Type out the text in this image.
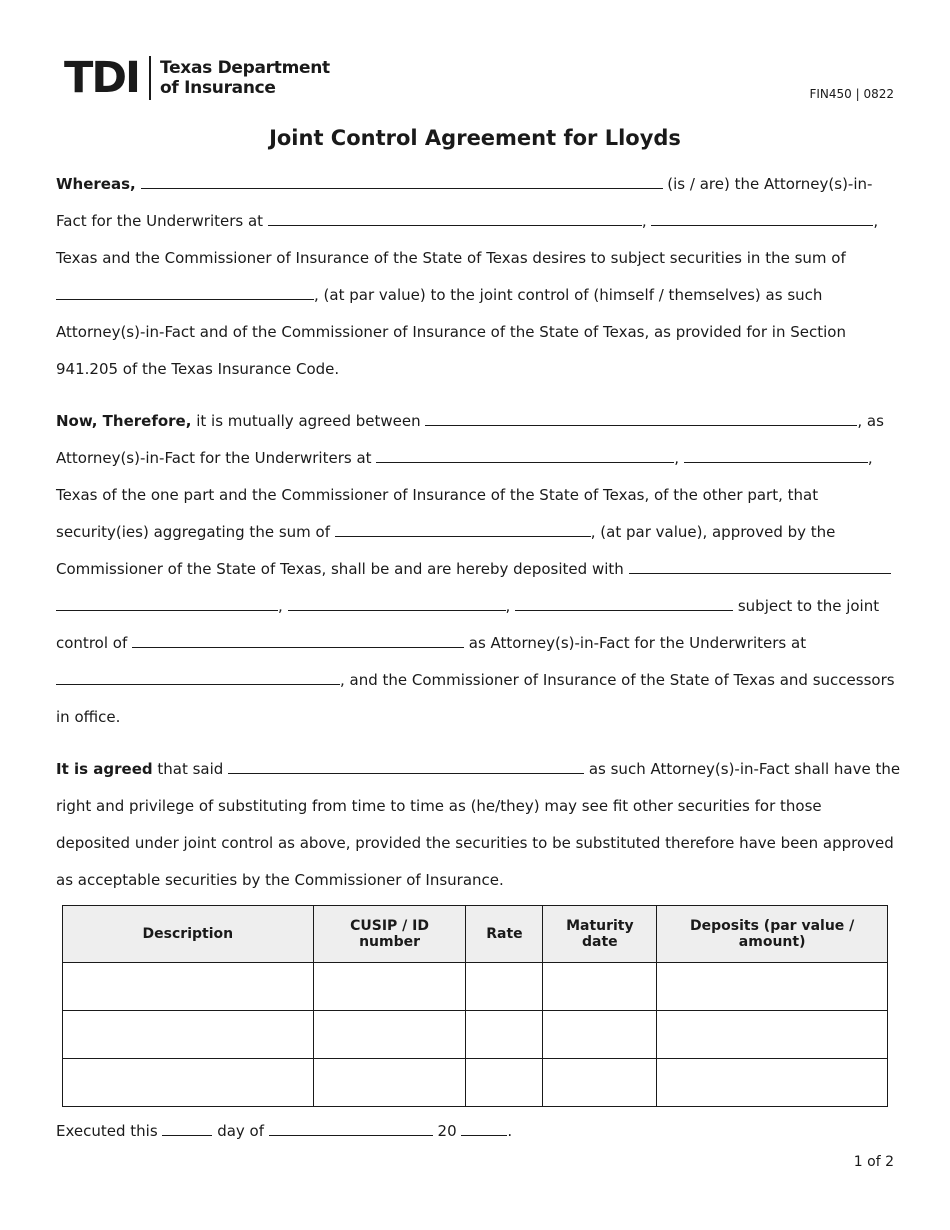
TDI Texas Department
of Insurance	FIN450 | 0822
Joint Control Agreement for Lloyds
Whereas,	(is / are) the Attorney(s)-in-
Fact for the Underwriters at	,	,
Texas and the Commissioner of Insurance of the State of Texas desires to subject securities in the sum of
, (at par value) to the joint control of (himself / themselves) as such
Attorney(s)-in-Fact and of the Commissioner of Insurance of the State of Texas, as provided for in Section
941.205 of the Texas Insurance Code.
Now, Therefore, it is mutually agreed between	, as
Attorney(s)-in-Fact for the Underwriters at	,	,
Texas of the one part and the Commissioner of Insurance of the State of Texas, of the other part, that
security(ies) aggregating the sum of	, (at par value), approved by the
Commissioner of the State of Texas, shall be and are hereby deposited with
,	,	subject to the joint
control of	as Attorney(s)-in-Fact for the Underwriters at
, and the Commissioner of Insurance of the State of Texas and successors
in office.
It is agreed that said	as such Attorney(s)-in-Fact shall have the
right and privilege of substituting from time to time as (he/they) may see fit other securities for those
deposited under joint control as above, provided the securities to be substituted therefore have been approved
as acceptable securities by the Commissioner of Insurance.
Description	CUSIP / ID number	Rate	Maturity date	Deposits (par value / amount)

Executed this	day of	20	.
1 of 2
